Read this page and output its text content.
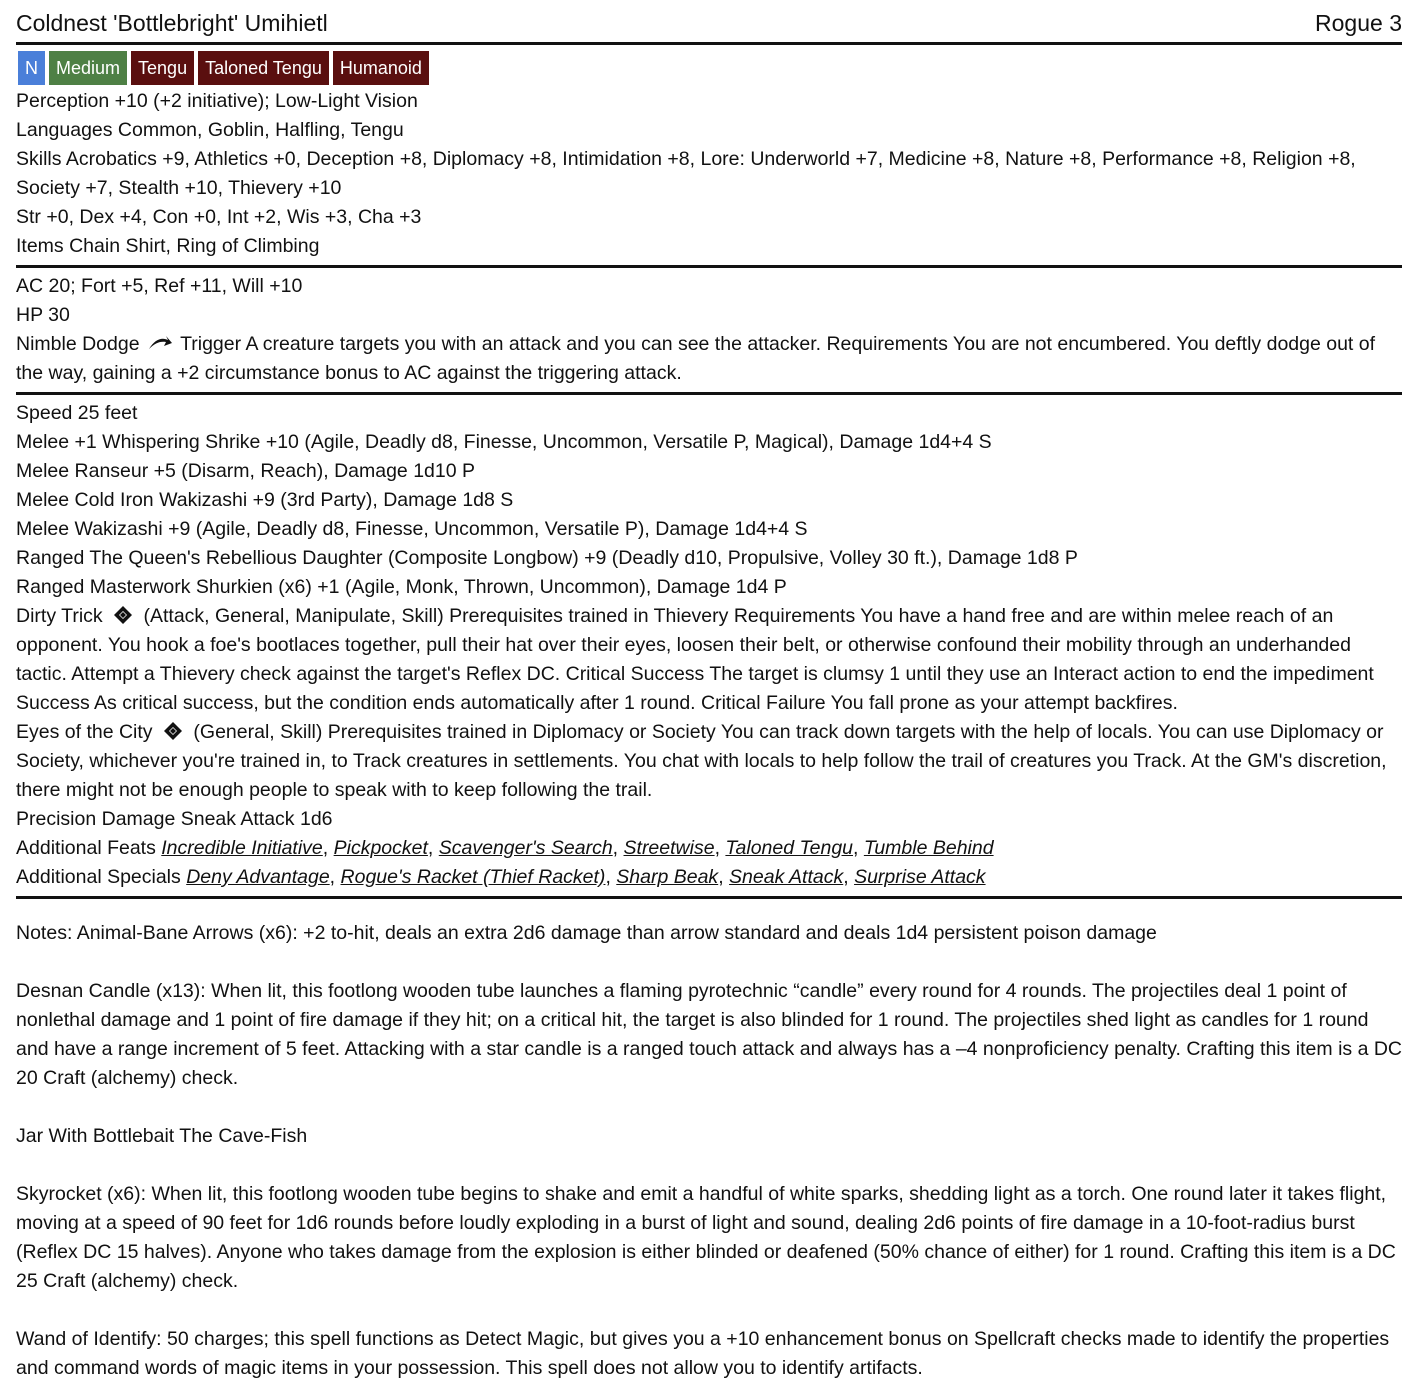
Coldnest 'Bottlebright' Umihietl	Rogue 3
N	Medium	Tengu	Taloned Tengu	Humanoid

Perception +10 (+2 initiative); Low-Light Vision

Languages Common, Goblin, Halfling, Tengu

Skills Acrobatics +9, Athletics +0, Deception +8, Diplomacy +8, Intimidation +8, Lore: Underworld +7, Medicine +8, Nature +8, Performance +8, Religion +8, Society +7, Stealth +10, Thievery +10

Str +0, Dex +4, Con +0, Int +2, Wis +3, Cha +3

Items Chain Shirt, Ring of Climbing

AC 20; Fort +5, Ref +11, Will +10

HP 30

Nimble Dodge Trigger A creature targets you with an attack and you can see the attacker. Requirements You are not encumbered. You deftly dodge out of the way, gaining a +2 circumstance bonus to AC against the triggering attack.

Speed 25 feet

Melee +1 Whispering Shrike +10 (Agile, Deadly d8, Finesse, Uncommon, Versatile P, Magical), Damage 1d4+4 S

Melee Ranseur +5 (Disarm, Reach), Damage 1d10 P

Melee Cold Iron Wakizashi +9 (3rd Party), Damage 1d8 S

Melee Wakizashi +9 (Agile, Deadly d8, Finesse, Uncommon, Versatile P), Damage 1d4+4 S

Ranged The Queen's Rebellious Daughter (Composite Longbow) +9 (Deadly d10, Propulsive, Volley 30 ft.), Damage 1d8 P

Ranged Masterwork Shurkien (x6) +1 (Agile, Monk, Thrown, Uncommon), Damage 1d4 P

Dirty Trick (Attack, General, Manipulate, Skill) Prerequisites trained in Thievery Requirements You have a hand free and are within melee reach of an opponent. You hook a foe's bootlaces together, pull their hat over their eyes, loosen their belt, or otherwise confound their mobility through an underhanded tactic. Attempt a Thievery check against the target's Reflex DC. Critical Success The target is clumsy 1 until they use an Interact action to end the impediment Success As critical success, but the condition ends automatically after 1 round. Critical Failure You fall prone as your attempt backfires.

Eyes of the City (General, Skill) Prerequisites trained in Diplomacy or Society You can track down targets with the help of locals. You can use Diplomacy or Society, whichever you're trained in, to Track creatures in settlements. You chat with locals to help follow the trail of creatures you Track. At the GM's discretion, there might not be enough people to speak with to keep following the trail.

Precision Damage Sneak Attack 1d6

Additional Feats Incredible Initiative, Pickpocket, Scavenger's Search, Streetwise, Taloned Tengu, Tumble Behind

Additional Specials Deny Advantage, Rogue's Racket (Thief Racket), Sharp Beak, Sneak Attack, Surprise Attack

Notes: Animal-Bane Arrows (x6): +2 to-hit, deals an extra 2d6 damage than arrow standard and deals 1d4 persistent poison damage

Desnan Candle (x13): When lit, this footlong wooden tube launches a flaming pyrotechnic “candle” every round for 4 rounds. The projectiles deal 1 point of nonlethal damage and 1 point of fire damage if they hit; on a critical hit, the target is also blinded for 1 round. The projectiles shed light as candles for 1 round and have a range increment of 5 feet. Attacking with a star candle is a ranged touch attack and always has a –4 nonproficiency penalty. Crafting this item is a DC 20 Craft (alchemy) check.

Jar With Bottlebait The Cave-Fish

Skyrocket (x6): When lit, this footlong wooden tube begins to shake and emit a handful of white sparks, shedding light as a torch. One round later it takes flight, moving at a speed of 90 feet for 1d6 rounds before loudly exploding in a burst of light and sound, dealing 2d6 points of fire damage in a 10-foot-radius burst (Reflex DC 15 halves). Anyone who takes damage from the explosion is either blinded or deafened (50% chance of either) for 1 round. Crafting this item is a DC 25 Craft (alchemy) check.

Wand of Identify: 50 charges; this spell functions as Detect Magic, but gives you a +10 enhancement bonus on Spellcraft checks made to identify the properties and command words of magic items in your possession. This spell does not allow you to identify artifacts.
